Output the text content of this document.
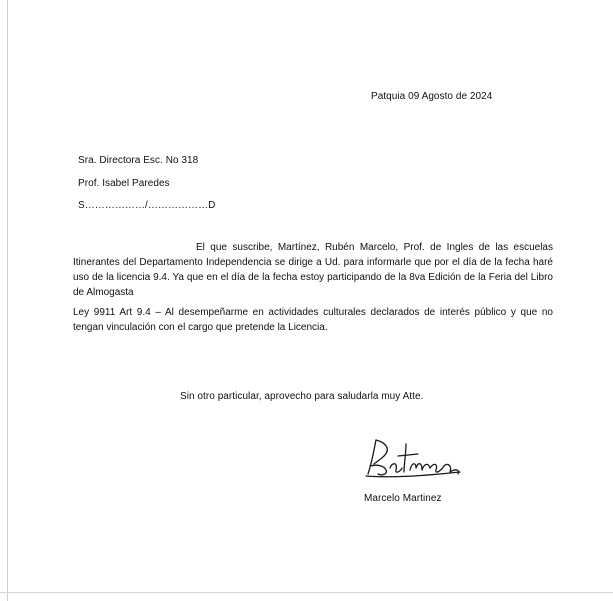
Patquia 09 Agosto de 2024
Sra. Directora Esc. No 318
Prof. Isabel Paredes
S………………/………………D
El que suscribe, Martínez, Rubén Marcelo, Prof. de Ingles de las escuelas Itinerantes del Departamento Independencia se dirige a Ud. para informarle que por el día de la fecha haré uso de la licencia 9.4. Ya que en el día de la fecha estoy participando de la 8va Edición de la Feria del Libro de Almogasta
Ley 9911 Art 9.4 – Al desempeñarme en actividades culturales declarados de interés público y que no tengan vinculación con el cargo que pretende la Licencia.
Sin otro particular, aprovecho para saludarla muy Atte.
Marcelo Martinez
